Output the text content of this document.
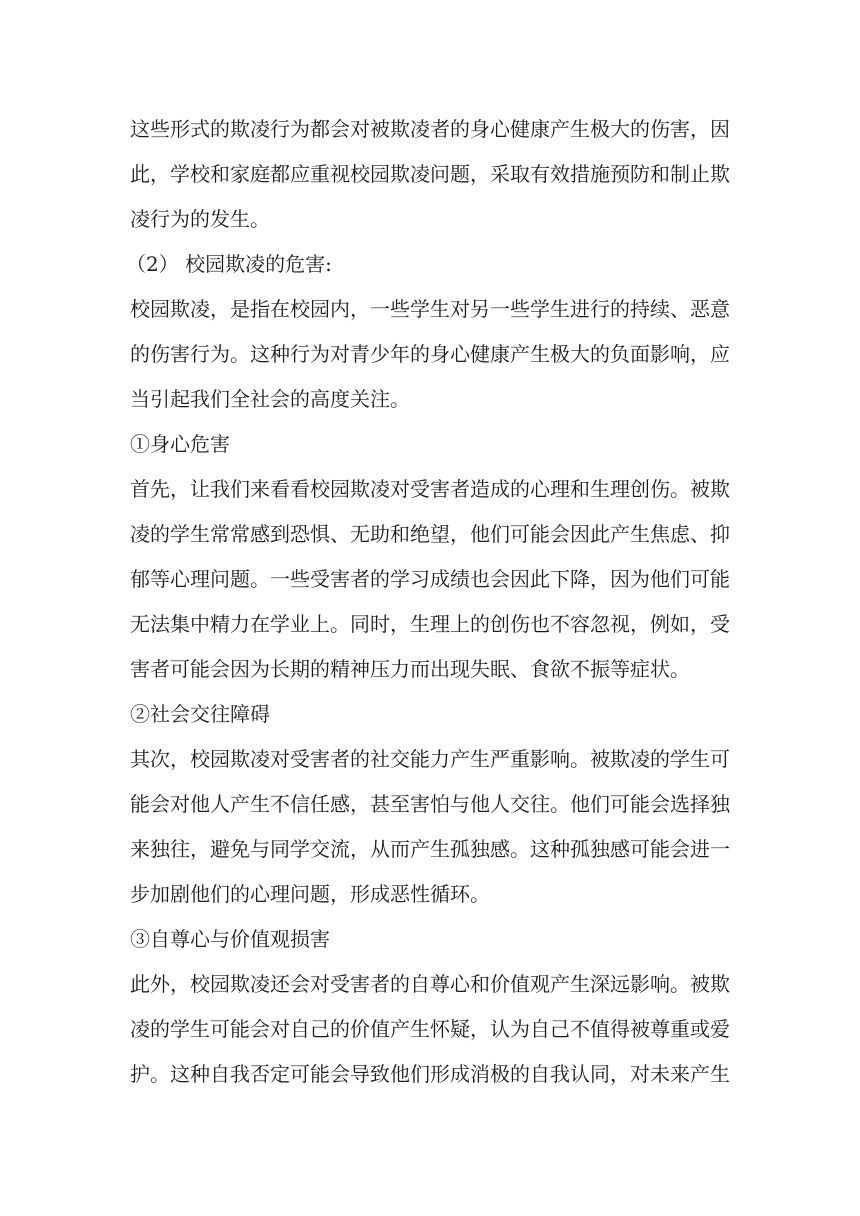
这些形式的欺凌行为都会对被欺凌者的身心健康产生极大的伤害，因此，学校和家庭都应重视校园欺凌问题，采取有效措施预防和制止欺凌行为的发生。

（2） 校园欺凌的危害:

校园欺凌，是指在校园内，一些学生对另一些学生进行的持续、恶意的伤害行为。这种行为对青少年的身心健康产生极大的负面影响，应当引起我们全社会的高度关注。

①身心危害

首先，让我们来看看校园欺凌对受害者造成的心理和生理创伤。被欺凌的学生常常感到恐惧、无助和绝望，他们可能会因此产生焦虑、抑郁等心理问题。一些受害者的学习成绩也会因此下降，因为他们可能无法集中精力在学业上。同时，生理上的创伤也不容忽视，例如，受害者可能会因为长期的精神压力而出现失眠、食欲不振等症状。

②社会交往障碍

其次，校园欺凌对受害者的社交能力产生严重影响。被欺凌的学生可能会对他人产生不信任感，甚至害怕与他人交往。他们可能会选择独来独往，避免与同学交流，从而产生孤独感。这种孤独感可能会进一步加剧他们的心理问题，形成恶性循环。

③自尊心与价值观损害

此外，校园欺凌还会对受害者的自尊心和价值观产生深远影响。被欺凌的学生可能会对自己的价值产生怀疑，认为自己不值得被尊重或爱护。这种自我否定可能会导致他们形成消极的自我认同，对未来产生
